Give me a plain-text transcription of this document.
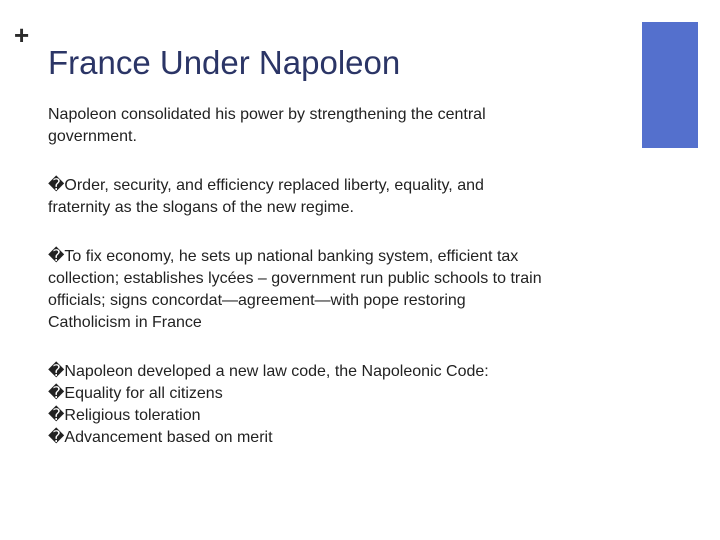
+
France Under Napoleon

Napoleon consolidated his power by strengthening the central government.

�Order, security, and efficiency replaced liberty, equality, and fraternity as the slogans of the new regime.

�To fix economy, he sets up national banking system, efficient tax collection; establishes lycées – government run public schools to train officials; signs concordat—agreement—with pope restoring Catholicism in France

�Napoleon developed a new law code, the Napoleonic Code:

�Equality for all citizens

�Religious toleration

�Advancement based on merit
